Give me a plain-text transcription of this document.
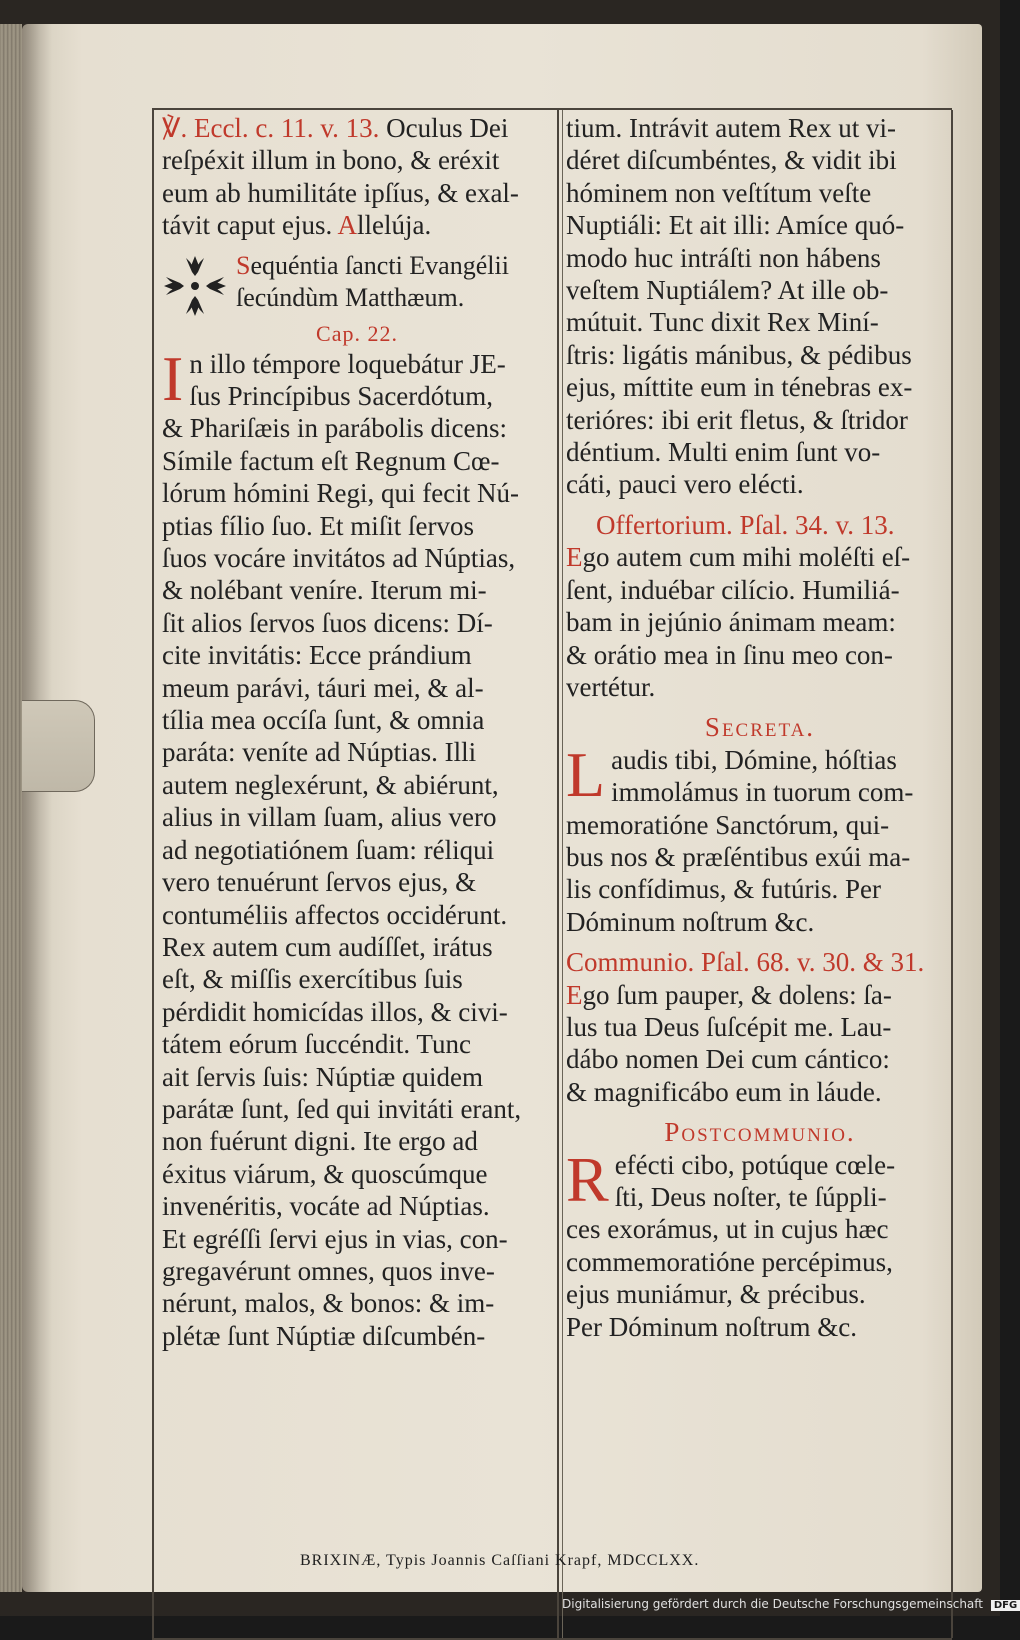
℣. Eccl. c. 11. v. 13. Oculus Dei
reſpéxit illum in bono, & eréxit
eum ab humilitáte ipſíus, & exal-
távit caput ejus. Allelúja.
Sequéntia ſancti Evangélii
ſecúndùm Matthæum.
Cap. 22.
I n illo témpore loquebátur JE-
ſus Princípibus Sacerdótum,
& Phariſæis in parábolis dicens:
Símile factum eſt Regnum Cœ-
lórum hómini Regi, qui fecit Nú-
ptias fílio ſuo. Et miſit ſervos
ſuos vocáre invitátos ad Núptias,
& nolébant veníre. Iterum mi-
ſit alios ſervos ſuos dicens: Dí-
cite invitátis: Ecce prándium
meum parávi, táuri mei, & al-
tília mea occíſa ſunt, & omnia
paráta: veníte ad Núptias. Illi
autem neglexérunt, & abiérunt,
alius in villam ſuam, alius vero
ad negotiatiónem ſuam: réliqui
vero tenuérunt ſervos ejus, &
contuméliis affectos occidérunt.
Rex autem cum audíſſet, irátus
eſt, & miſſis exercítibus ſuis
pérdidit homicídas illos, & civi-
tátem eórum ſuccéndit. Tunc
ait ſervis ſuis: Núptiæ quidem
parátæ ſunt, ſed qui invitáti erant,
non fuérunt digni. Ite ergo ad
éxitus viárum, & quoscúmque
invenéritis, vocáte ad Núptias.
Et egréſſi ſervi ejus in vias, con-
gregavérunt omnes, quos inve-
nérunt, malos, & bonos: & im-
plétæ ſunt Núptiæ diſcumbén-
tium. Intrávit autem Rex ut vi-
déret diſcumbéntes, & vidit ibi
hóminem non veſtítum veſte
Nuptiáli: Et ait illi: Amíce quó-
modo huc intráſti non hábens
veſtem Nuptiálem? At ille ob-
mútuit. Tunc dixit Rex Miní-
ſtris: ligátis mánibus, & pédibus
ejus, míttite eum in ténebras ex-
terióres: ibi erit fletus, & ſtridor
déntium. Multi enim ſunt vo-
cáti, pauci vero elécti.
Offertorium. Pſal. 34. v. 13.
Ego autem cum mihi moléſti eſ-
ſent, induébar cilício. Humiliá-
bam in jejúnio ánimam meam:
& orátio mea in ſinu meo con-
vertétur.
Secreta.
L audis tibi, Dómine, hóſtias
immolámus in tuorum com-
memoratióne Sanctórum, qui-
bus nos & præſéntibus exúi ma-
lis confídimus, & futúris. Per
Dóminum noſtrum &c.
Communio. Pſal. 68. v. 30. & 31.
Ego ſum pauper, & dolens: ſa-
lus tua Deus ſuſcépit me. Lau-
dábo nomen Dei cum cántico:
& magnificábo eum in láude.
Postcommunio.
R efécti cibo, potúque cœle-
ſti, Deus noſter, te ſúppli-
ces exorámus, ut in cujus hæc
commemoratióne percépimus,
ejus muniámur, & précibus.
Per Dóminum noſtrum &c.
BRIXINÆ, Typis Joannis Caſſiani Krapf, MDCCLXX.
Digitalisierung gefördert durch die Deutsche Forschungsgemeinschaft DFG
